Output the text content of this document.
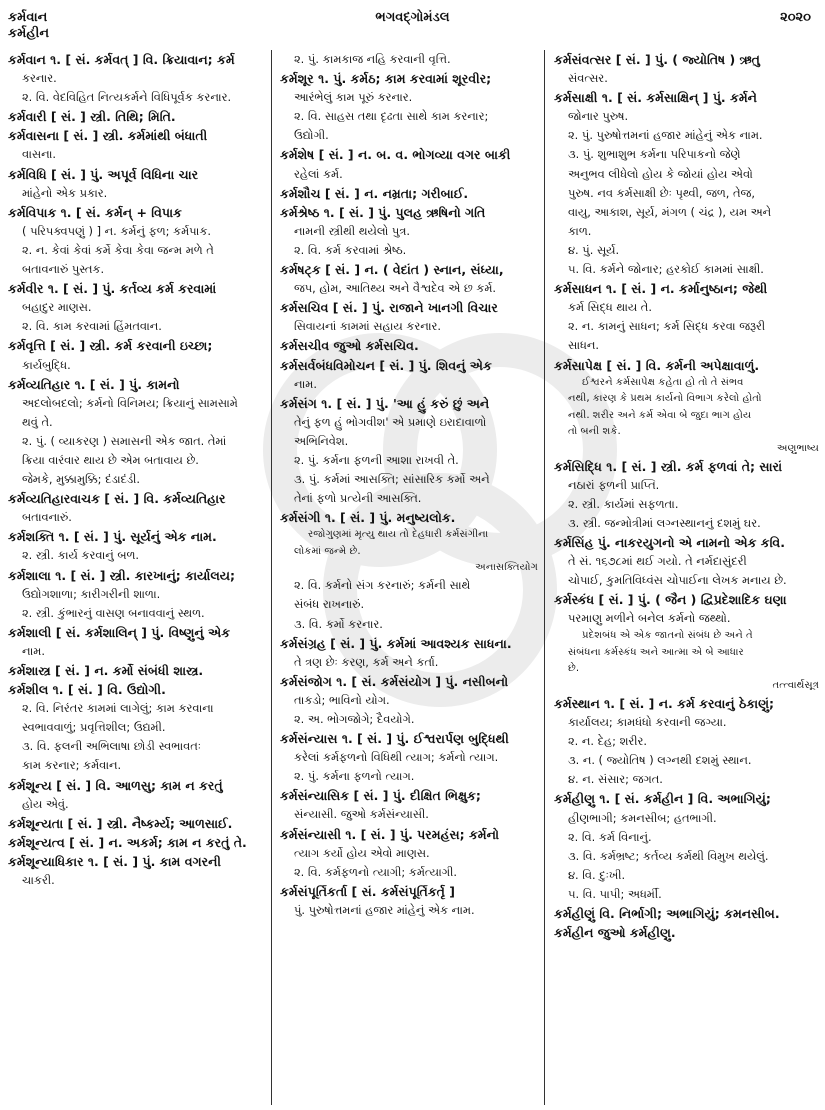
કર્મવાન
કર્મહીન
ભગવદ્ગોમંડલ	૨૦૨૦
કર્મવાન ૧. [ સં. કર્મવત્ ] વિ. ક્રિયાવાન; કર્મ
કરનાર.
૨. વિ. વેદવિહિત નિત્યકર્મને વિધિપૂર્વક કરનાર.
કર્મવારી [ સં. ] સ્ત્રી. તિથિ; મિતિ.
કર્મવાસના [ સં. ] સ્ત્રી. કર્મમાંથી બંધાતી
વાસના.
કર્મવિધિ [ સં. ] પું. અપૂર્વ વિધિના ચાર
માંહેનો એક પ્રકાર.
કર્મવિપાક ૧. [ સં. કર્મન્ + વિપાક
( પરિપક્વપણું ) ] ન. કર્મનું ફળ; કર્મપાક.
૨. ન. કેવાં કેવાં કર્મે કેવા કેવા જન્મ મળે તે
બતાવનારું પુસ્તક.
કર્મવીર ૧. [ સં. ] પું. કર્તવ્ય કર્મ કરવામાં
બહાદુર માણસ.
૨. વિ. કામ કરવામાં હિંમતવાન.
કર્મવૃત્તિ [ સં. ] સ્ત્રી. કર્મ કરવાની ઇચ્છા;
કાર્યબુદ્ધિ.
કર્મવ્યતિહાર ૧. [ સં. ] પું. કામનો
અદલોબદલો; કર્મનો વિનિમય; ક્રિયાનું સામસામે
થવું તે.
૨. પું. ( વ્યાકરણ ) સમાસની એક જાત. તેમાં
ક્રિયા વારંવાર થાય છે એમ બતાવાય છે.
જેમકે, મુક્કામુક્કિ; દંડાદંડી.
કર્મવ્યતિહારવાચક [ સં. ] વિ. કર્મવ્યતિહાર
બતાવનારું.
કર્મશક્તિ ૧. [ સં. ] પું. સૂર્યનું એક નામ.
૨. સ્ત્રી. કાર્ય કરવાનું બળ.
કર્મશાલા ૧. [ સં. ] સ્ત્રી. કારખાનું; કાર્યાલય;
ઉદ્યોગશાળા; કારીગરીની શાળા.
૨. સ્ત્રી. કુંભારનું વાસણ બનાવવાનું સ્થળ.
કર્મશાલી [ સં. કર્મશાલિન્ ] પું. વિષ્ણુનું એક
નામ.
કર્મશાસ્ત્ર [ સં. ] ન. કર્મો સંબંધી શાસ્ત્ર.
કર્મશીલ ૧. [ સં. ] વિ. ઉદ્યોગી.
૨. વિ. નિરંતર કામમાં લાગેલું; કામ કરવાના
સ્વભાવવાળું; પ્રવૃત્તિશીલ; ઉદ્યમી.
૩. વિ. ફલની અભિલાષા છોડી સ્વભાવતઃ
કામ કરનાર; કર્મવાન.
કર્મશૂન્ય [ સં. ] વિ. આળસુ; કામ ન કરતું
હોય એવું.
કર્મશૂન્યતા [ સં. ] સ્ત્રી. નૈષ્કર્મ્ય; આળસાઈ.
કર્મશૂન્યત્વ [ સં. ] ન. અકર્મ; કામ ન કરતું તે.
કર્મશૂન્યાધિકાર ૧. [ સં. ] પું. કામ વગરની
ચાકરી.
૨. પું. કામકાજ નહિ કરવાની વૃત્તિ.
કર્મશૂર ૧. પું. કર્મઠ; કામ કરવામાં શૂરવીર;
આરંભેલું કામ પૂરું કરનાર.
૨. વિ. સાહસ તથા દૃઢતા સાથે કામ કરનાર;
ઉદ્યોગી.
કર્મશેષ [ સં. ] ન. બ. વ. ભોગવ્યા વગર બાકી
રહેલાં કર્મ.
કર્મશૌચ [ સં. ] ન. નમ્રતા; ગરીબાઈ.
કર્મશ્રેષ્ઠ ૧. [ સં. ] પું. પુલહ ઋષિનો ગતિ
નામની સ્ત્રીથી થયેલો પુત્ર.
૨. વિ. કર્મ કરવામાં શ્રેષ્ઠ.
કર્મષટ્ક [ સં. ] ન. ( વેદાંત ) સ્નાન, સંધ્યા,
જપ, હોમ, આતિથ્ય અને વૈશ્વદેવ એ છ કર્મ.
કર્મસચિવ [ સં. ] પું. રાજાને ખાનગી વિચાર
સિવાયનાં કામમાં સહાય કરનાર.
કર્મસચીવ જુઓ કર્મસચિવ.
કર્મસર્વબંધવિમોચન [ સં. ] પું. શિવનું એક
નામ.
કર્મસંગ ૧. [ સં. ] પું. 'આ હું કરું છું અને
તેનું ફળ હું ભોગવીશ' એ પ્રમાણે ઇરાદાવાળો
અભિનિવેશ.
૨. પું. કર્મના ફળની આશા રાખવી તે.
૩. પું. કર્મમાં આસક્તિ; સાંસારિક કર્મો અને
તેનાં ફળો પ્રત્યેની આસક્તિ.
કર્મસંગી ૧. [ સં. ] પું. મનુષ્યલોક.
રજોગુણમાં મૃત્યુ થાય તો દેહધારી કર્મસંગીના
લોકમાં જન્મે છે.
અનાસક્તિયોગ
૨. વિ. કર્મનો સંગ કરનારું; કર્મની સાથે
સંબંધ રાખનારું.
૩. વિ. કર્મો કરનાર.
કર્મસંગ્રહ [ સં. ] પું. કર્મમાં આવશ્યક સાધના.
તે ત્રણ છેઃ કરણ, કર્મ અને કર્તા.
કર્મસંજોગ ૧. [ સં. કર્મસંયોગ ] પું. નસીબનો
તાકડો; ભાવિનો યોગ.
૨. અ. ભોગજોગે; દૈવયોગે.
કર્મસંન્યાસ ૧. [ સં. ] પું. ઈશ્વરાર્પણ બુદ્ધિથી
કરેલાં કર્મફળનો વિધિથી ત્યાગ; કર્મનો ત્યાગ.
૨. પું. કર્મના ફળનો ત્યાગ.
કર્મસંન્યાસિક [ સં. ] પું. દીક્ષિત ભિક્ષુક;
સંન્યાસી. જુઓ કર્મસંન્યાસી.
કર્મસંન્યાસી ૧. [ સં. ] પું. પરમહંસ; કર્મનો
ત્યાગ કર્યો હોય એવો માણસ.
૨. વિ. કર્મફળનો ત્યાગી; કર્મત્યાગી.
કર્મસંપૂર્તિકર્તા [ સં. કર્મસંપૂર્તિકર્તૃ ]
પું. પુરુષોત્તમનાં હજાર માંહેનું એક નામ.
કર્મસંવત્સર [ સં. ] પું. ( જ્યોતિષ ) ઋતુ
સંવત્સર.
કર્મસાક્ષી ૧. [ સં. કર્મસાક્ષિન્ ] પું. કર્મને
જોનાર પુરુષ.
૨. પું. પુરુષોત્તમનાં હજાર માંહેનું એક નામ.
૩. પું. શુભાશુભ કર્મના પરિપાકનો જેણે
અનુભવ લીધેલો હોય કે જોયાં હોય એવો
પુરુષ. નવ કર્મસાક્ષી છેઃ પૃથ્વી, જળ, તેજ,
વાયુ, આકાશ, સૂર્ય, મંગળ ( ચંદ્ર ), યમ અને
કાળ.
૪. પું. સૂર્ય.
૫. વિ. કર્મને જોનાર; હરકોઈ કામમાં સાક્ષી.
કર્મસાધન ૧. [ સં. ] ન. કર્માનુષ્ઠાન; જેથી
કર્મ સિદ્ધ થાય તે.
૨. ન. કામનું સાધન; કર્મ સિદ્ધ કરવા જરૂરી
સાધન.
કર્મસાપેક્ષ [ સં. ] વિ. કર્મની અપેક્ષાવાળું.
ઈશ્વરને કર્મસાપેક્ષ કહેતા હો તો તે સંભવ
નથી, કારણ કે પ્રથમ કાર્યનો વિભાગ કરેલો હોતો
નથી. શરીર અને કર્મ એવા બે જુદા ભાગ હોય
તો બની શકે.
અણુભાષ્ય
કર્મસિદ્ધિ ૧. [ સં. ] સ્ત્રી. કર્મ ફળવાં તે; સારાં
નઠારાં ફળની પ્રાપ્તિ.
૨. સ્ત્રી. કાર્યમાં સફળતા.
૩. સ્ત્રી. જન્મોત્રીમાં લગ્નસ્થાનનું દશમું ઘર.
કર્મસિંહ પું. નાકરયુગનો એ નામનો એક કવિ.
તે સં. ૧૬૭૮માં થઈ ગયો. તે નર્મદાસુંદરી
ચોપાઈ, કુમતિવિધ્વંસ ચોપાઈના લેખક મનાય છે.
કર્મસ્કંધ [ સં. ] પું. ( જૈન ) દ્વિપ્રદેશાદિક ઘણા
પરમાણુ મળીને બનેલ કર્મનો જથ્થો.
પ્રદેશબંધ એ એક જાતનો સંબંધ છે અને તે
સંબંધના કર્મસ્કંધ અને આત્મા એ બે આધાર
છે.
તત્ત્વાર્થસૂત્ર
કર્મસ્થાન ૧. [ સં. ] ન. કર્મ કરવાનું ઠેકાણું;
કાર્યાલય; કામધંધો કરવાની જગ્યા.
૨. ન. દેહ; શરીર.
૩. ન. ( જ્યોતિષ ) લગ્નથી દશમું સ્થાન.
૪. ન. સંસાર; જગત.
કર્મહીણુ ૧. [ સં. કર્મહીન ] વિ. અભાગિયું;
હીણભાગી; કમનસીબ; હતભાગી.
૨. વિ. કર્મ વિનાનું.
૩. વિ. કર્મભ્રષ્ટ; કર્તવ્ય કર્મથી વિમુખ થયેલું.
૪. વિ. દુઃખી.
૫. વિ. પાપી; અધર્મી.
કર્મહીણું વિ. નિર્ભાગી; અભાગિયું; કમનસીબ.
કર્મહીન જુઓ કર્મહીણુ.
